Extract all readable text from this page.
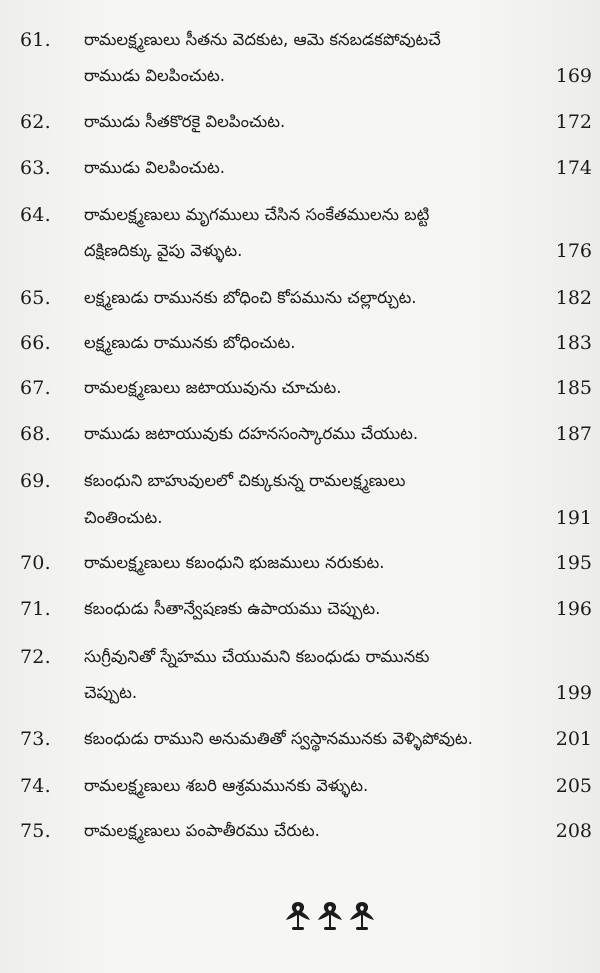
61.	రామలక్ష్మణులు సీతను వెదకుట, ఆమె కనబడకపోవుటచే
రాముడు విలపించుట.	169
62.	రాముడు సీతకొరకై విలపించుట.	172
63.	రాముడు విలపించుట.	174
64.	రామలక్ష్మణులు మృగములు చేసిన సంకేతములను బట్టి
దక్షిణదిక్కు వైపు వెళ్ళుట.	176
65.	లక్ష్మణుడు రామునకు బోధించి కోపమును చల్లార్చుట.	182
66.	లక్ష్మణుడు రామునకు బోధించుట.	183
67.	రామలక్ష్మణులు జటాయువును చూచుట.	185
68.	రాముడు జటాయువుకు దహనసంస్కారము చేయుట.	187
69.	కబంధుని బాహువులలో చిక్కుకున్న రామలక్ష్మణులు
చింతించుట.	191
70.	రామలక్ష్మణులు కబంధుని భుజములు నరుకుట.	195
71.	కబంధుడు సీతాన్వేషణకు ఉపాయము చెప్పుట.	196
72.	సుగ్రీవునితో స్నేహము చేయుమని కబంధుడు రామునకు
చెప్పుట.	199
73.	కబంధుడు రాముని అనుమతితో స్వస్థానమునకు వెళ్ళిపోవుట.	201
74.	రామలక్ష్మణులు శబరి ఆశ్రమమునకు వెళ్ళుట.	205
75.	రామలక్ష్మణులు పంపాతీరము చేరుట.	208
